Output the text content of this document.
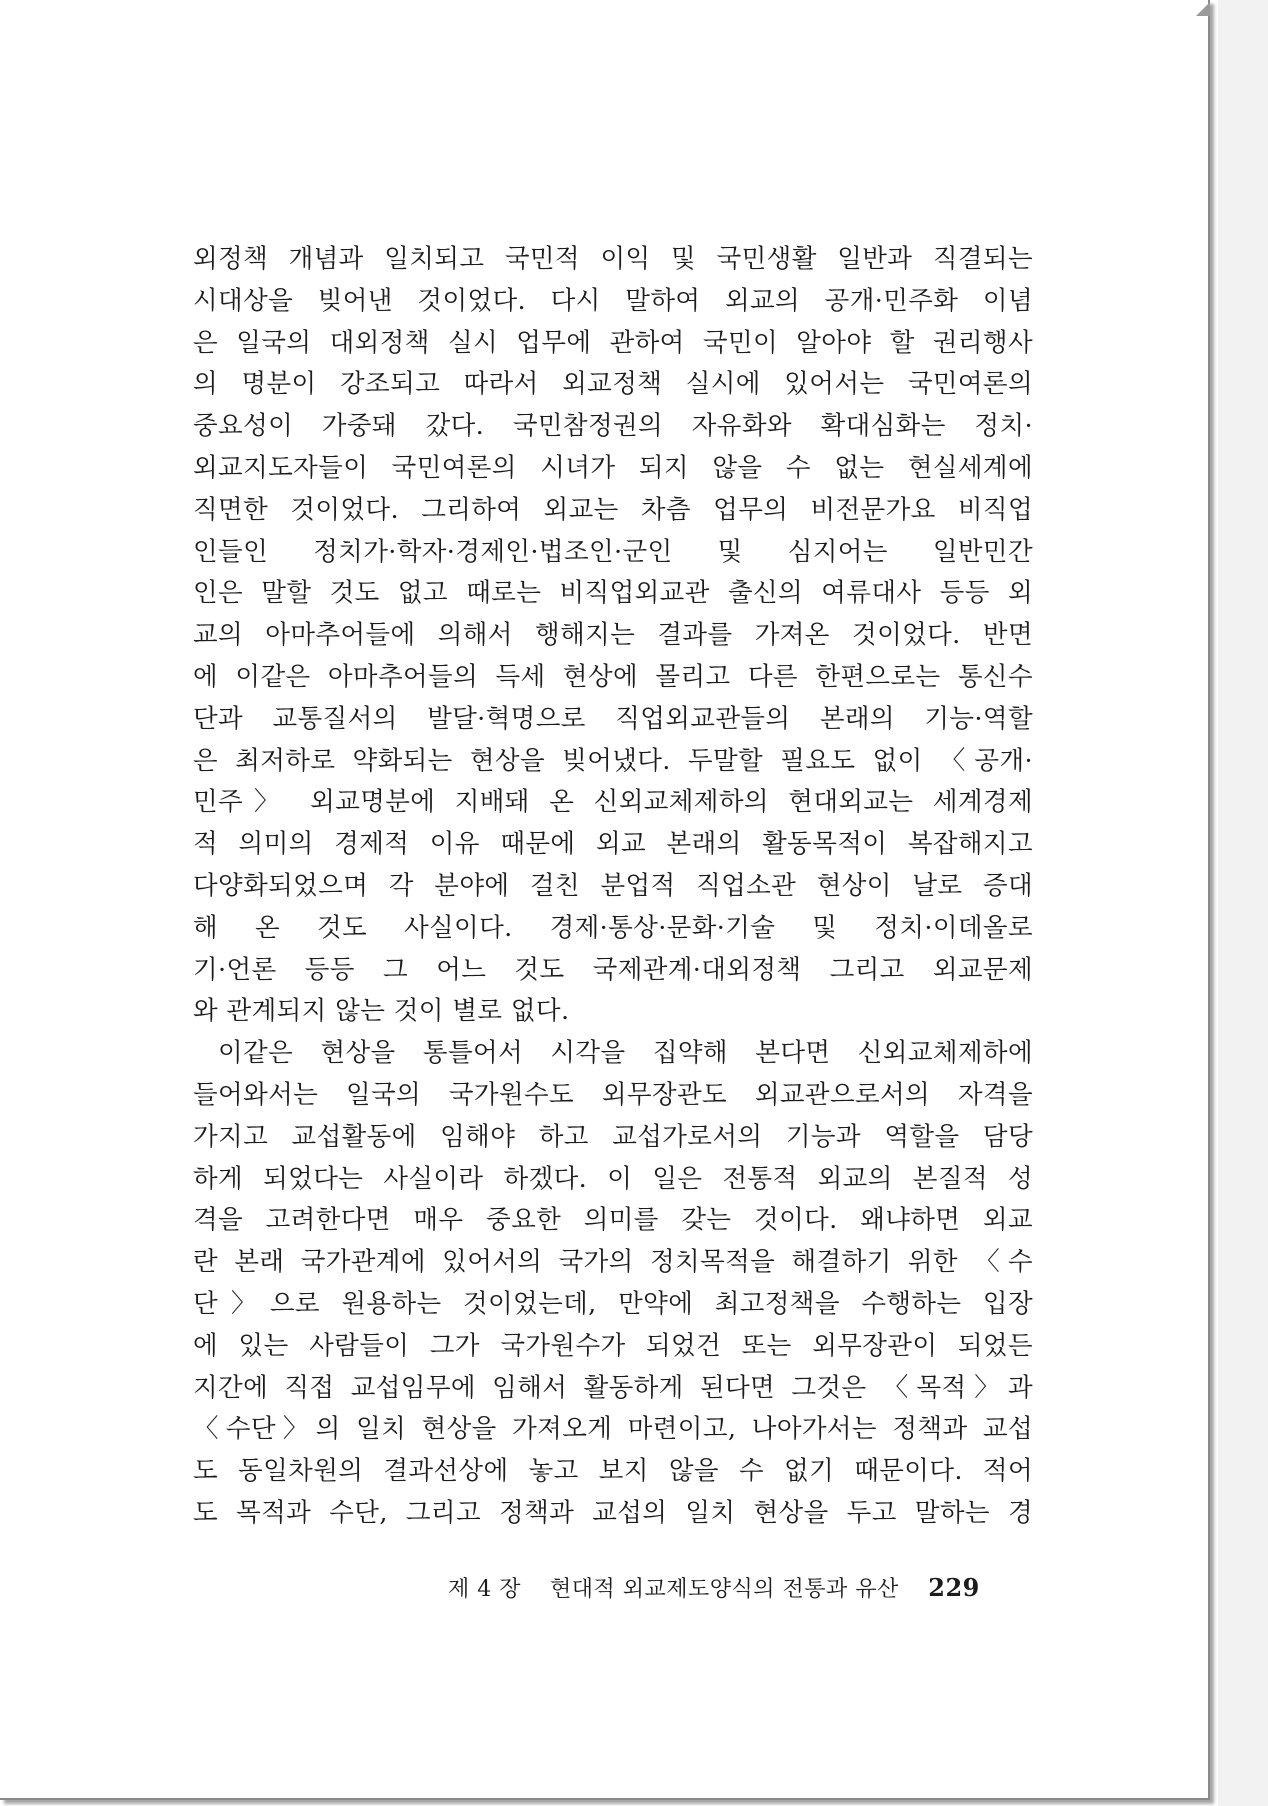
외정책 개념과 일치되고 국민적 이익 및 국민생활 일반과 직결되는
시대상을 빚어낸 것이었다. 다시 말하여 외교의 공개·민주화 이념
은 일국의 대외정책 실시 업무에 관하여 국민이 알아야 할 권리행사
의 명분이 강조되고 따라서 외교정책 실시에 있어서는 국민여론의
중요성이 가중돼 갔다. 국민참정권의 자유화와 확대심화는 정치·
외교지도자들이 국민여론의 시녀가 되지 않을 수 없는 현실세계에
직면한 것이었다. 그리하여 외교는 차츰 업무의 비전문가요 비직업
인들인 정치가·학자·경제인·법조인·군인 및 심지어는 일반민간
인은 말할 것도 없고 때로는 비직업외교관 출신의 여류대사 등등 외
교의 아마추어들에 의해서 행해지는 결과를 가져온 것이었다. 반면
에 이같은 아마추어들의 득세 현상에 몰리고 다른 한편으로는 통신수
단과 교통질서의 발달·혁명으로 직업외교관들의 본래의 기능·역할
은 최저하로 약화되는 현상을 빚어냈다. 두말할 필요도 없이 〈공개·
민주〉 외교명분에 지배돼 온 신외교체제하의 현대외교는 세계경제
적 의미의 경제적 이유 때문에 외교 본래의 활동목적이 복잡해지고
다양화되었으며 각 분야에 걸친 분업적 직업소관 현상이 날로 증대
해 온 것도 사실이다. 경제·통상·문화·기술 및 정치·이데올로
기·언론 등등 그 어느 것도 국제관계·대외정책 그리고 외교문제
와 관계되지 않는 것이 별로 없다.
이같은 현상을 통틀어서 시각을 집약해 본다면 신외교체제하에
들어와서는 일국의 국가원수도 외무장관도 외교관으로서의 자격을
가지고 교섭활동에 임해야 하고 교섭가로서의 기능과 역할을 담당
하게 되었다는 사실이라 하겠다. 이 일은 전통적 외교의 본질적 성
격을 고려한다면 매우 중요한 의미를 갖는 것이다. 왜냐하면 외교
란 본래 국가관계에 있어서의 국가의 정치목적을 해결하기 위한 〈수
단〉으로 원용하는 것이었는데, 만약에 최고정책을 수행하는 입장
에 있는 사람들이 그가 국가원수가 되었건 또는 외무장관이 되었든
지간에 직접 교섭임무에 임해서 활동하게 된다면 그것은 〈목적〉과
〈수단〉의 일치 현상을 가져오게 마련이고, 나아가서는 정책과 교섭
도 동일차원의 결과선상에 놓고 보지 않을 수 없기 때문이다. 적어
도 목적과 수단, 그리고 정책과 교섭의 일치 현상을 두고 말하는 경
제 4 장 현대적 외교제도양식의 전통과 유산 229
